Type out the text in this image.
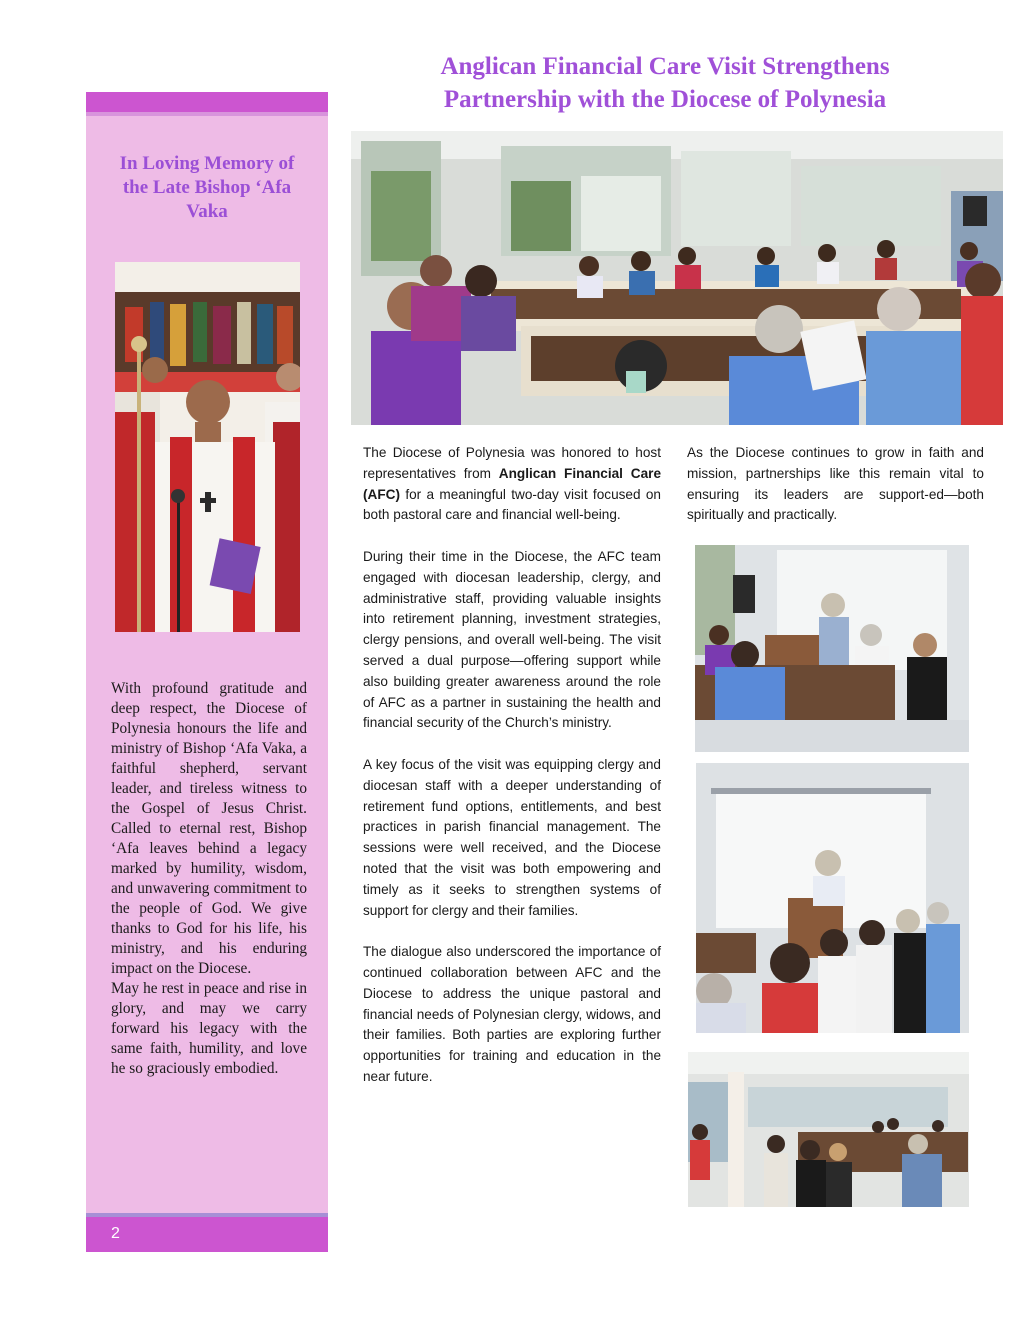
Anglican Financial Care Visit Strengthens
Partnership with the Diocese of Polynesia
In Loving Memory of the Late Bishop ‘Afa Vaka

With profound gratitude and deep respect, the Diocese of Polynesia honours the life and ministry of Bishop ‘Afa Vaka, a faithful shepherd, servant leader, and tireless witness to the Gospel of Jesus Christ. Called to eternal rest, Bishop ‘Afa leaves behind a legacy marked by humility, wisdom, and unwavering commitment to the people of God. We give thanks to God for his life, his ministry, and his enduring impact on the Diocese.

May he rest in peace and rise in glory, and may we carry forward his legacy with the same faith, humility, and love he so graciously embodied.

2

The Diocese of Polynesia was honored to host representatives from Anglican Financial Care (AFC) for a meaningful two-day visit focused on both pastoral care and financial well-being.

During their time in the Diocese, the AFC team engaged with diocesan leadership, clergy, and administrative staff, providing valuable insights into retirement planning, investment strategies, clergy pensions, and overall well-being. The visit served a dual purpose—offering support while also building greater awareness around the role of AFC as a partner in sustaining the health and financial security of the Church’s ministry.

A key focus of the visit was equipping clergy and diocesan staff with a deeper understanding of retirement fund options, entitlements, and best practices in parish financial management. The sessions were well received, and the Diocese noted that the visit was both empowering and timely as it seeks to strengthen systems of support for clergy and their families.

The dialogue also underscored the importance of continued collaboration between AFC and the Diocese to address the unique pastoral and financial needs of Polynesian clergy, widows, and their families. Both parties are exploring further opportunities for training and education in the near future.

As the Diocese continues to grow in faith and mission, partnerships like this remain vital to ensuring its leaders are support-ed—both spiritually and practically.
